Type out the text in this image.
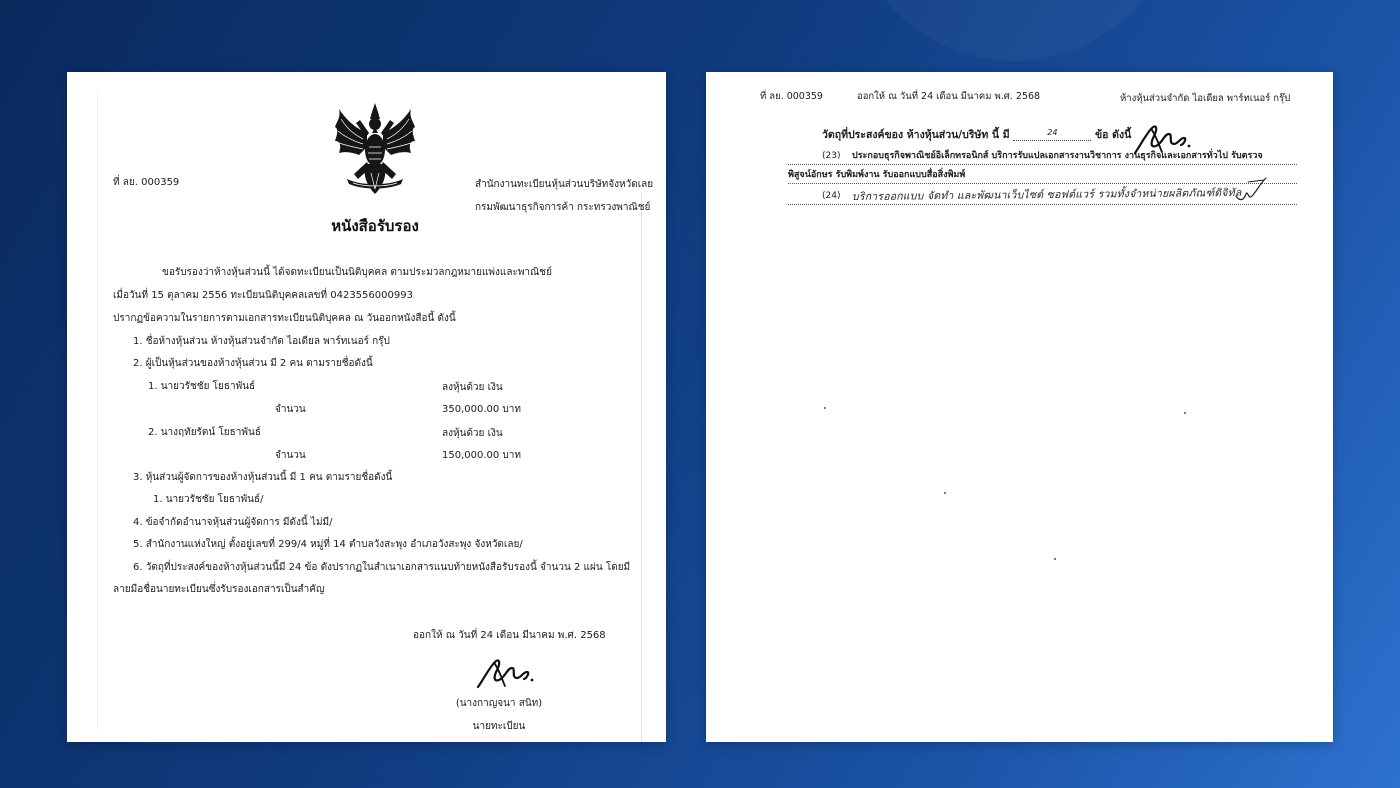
ที่ ลย. 000359	สำนักงานทะเบียนหุ้นส่วนบริษัทจังหวัดเลย
กรมพัฒนาธุรกิจการค้า กระทรวงพาณิชย์
หนังสือรับรอง
ขอรับรองว่าห้างหุ้นส่วนนี้ ได้จดทะเบียนเป็นนิติบุคคล ตามประมวลกฎหมายแพ่งและพาณิชย์
เมื่อวันที่ 15 ตุลาคม 2556 ทะเบียนนิติบุคคลเลขที่ 0423556000993
ปรากฏข้อความในรายการตามเอกสารทะเบียนนิติบุคคล ณ วันออกหนังสือนี้ ดังนี้
1. ชื่อห้างหุ้นส่วน ห้างหุ้นส่วนจำกัด ไอเดียล พาร์ทเนอร์ กรุ๊ป
2. ผู้เป็นหุ้นส่วนของห้างหุ้นส่วน มี 2 คน ตามรายชื่อดังนี้
1. นายวรัชชัย โยธาพันธ์	ลงหุ้นด้วย เงิน
จำนวน	350,000.00 บาท
2. นางฤทัยรัตน์ โยธาพันธ์	ลงหุ้นด้วย เงิน
จำนวน	150,000.00 บาท
3. หุ้นส่วนผู้จัดการของห้างหุ้นส่วนนี้ มี 1 คน ตามรายชื่อดังนี้
1. นายวรัชชัย โยธาพันธ์/
4. ข้อจำกัดอำนาจหุ้นส่วนผู้จัดการ มีดังนี้ ไม่มี/
5. สำนักงานแห่งใหญ่ ตั้งอยู่เลขที่ 299/4 หมู่ที่ 14 ตำบลวังสะพุง อำเภอวังสะพุง จังหวัดเลย/
6. วัตถุที่ประสงค์ของห้างหุ้นส่วนนี้มี 24 ข้อ ดังปรากฏในสำเนาเอกสารแนบท้ายหนังสือรับรองนี้ จำนวน 2 แผ่น โดยมี
ลายมือชื่อนายทะเบียนซึ่งรับรองเอกสารเป็นสำคัญ
ออกให้ ณ วันที่ 24 เดือน มีนาคม พ.ศ. 2568
(นางกาญจนา สนิท)
นายทะเบียน
ที่ ลย. 000359	ออกให้ ณ วันที่ 24 เดือน มีนาคม พ.ศ. 2568	ห้างหุ้นส่วนจำกัด ไอเดียล พาร์ทเนอร์ กรุ๊ป
วัตถุที่ประสงค์ของ ห้างหุ้นส่วน/บริษัท นี้ มี	24	ข้อ ดังนี้
(23) ประกอบธุรกิจพาณิชย์อิเล็กทรอนิกส์ บริการรับแปลเอกสารงานวิชาการ งานธุรกิจและเอกสารทั่วไป รับตรวจ
พิสูจน์อักษร รับพิมพ์งาน รับออกแบบสื่อสิ่งพิมพ์
(24) บริการออกแบบ จัดทำ และพัฒนาเว็บไซต์ ซอฟต์แวร์ รวมทั้งจำหน่ายผลิตภัณฑ์ดิจิทัล
